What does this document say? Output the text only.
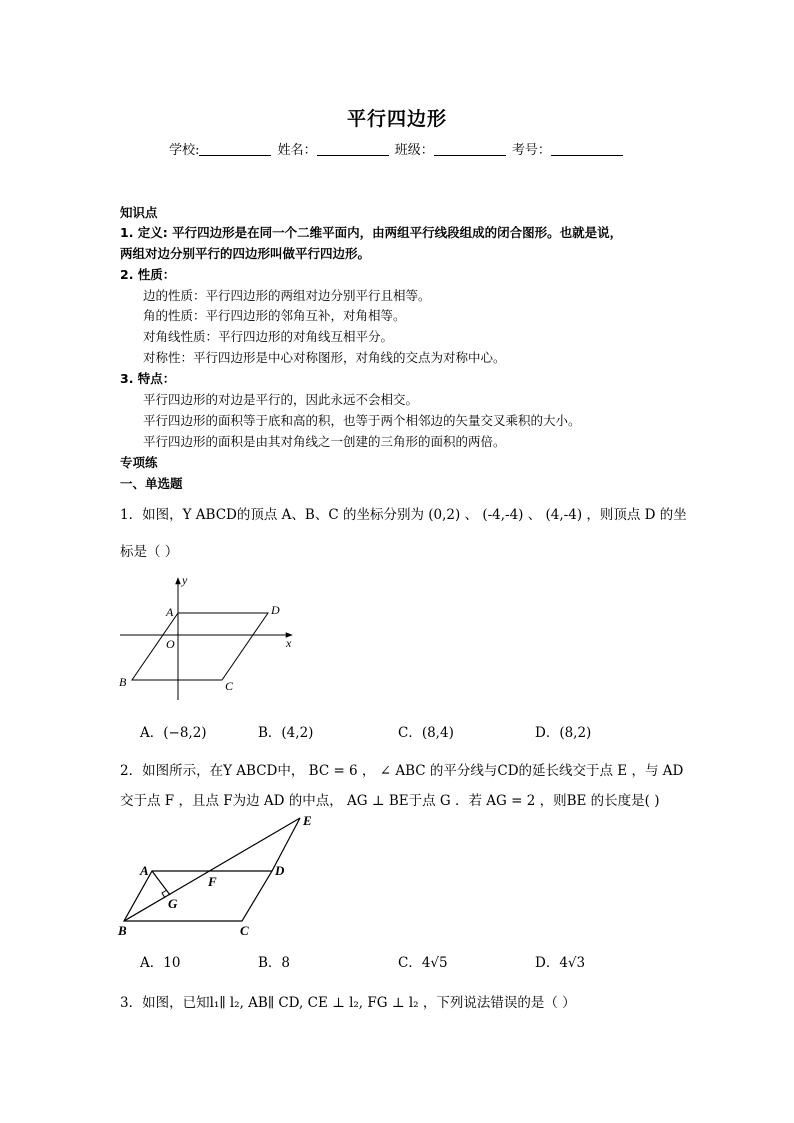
平行四边形
学校:	姓名：	班级：	考号：
知识点
1. 定义: 平行四边形是在同一个二维平面内，由两组平行线段组成的闭合图形。也就是说，
两组对边分别平行的四边形叫做平行四边形。
2. 性质：
边的性质：平行四边形的两组对边分别平行且相等。
角的性质：平行四边形的邻角互补，对角相等。
对角线性质：平行四边形的对角线互相平分。
对称性：平行四边形是中心对称图形，对角线的交点为对称中心。
3. 特点：
平行四边形的对边是平行的，因此永远不会相交。
平行四边形的面积等于底和高的积，也等于两个相邻边的矢量交叉乘积的大小。
平行四边形的面积是由其对角线之一创建的三角形的面积的两倍。
专项练
一、单选题
1．如图，Y ABCD的顶点 A、B、C 的坐标分别为 (0,2) 、 (-4,-4) 、 (4,-4) ，则顶点 D 的坐
标是（ ）
y
x
A	D
O
B	C
A．(−8,2)	B．(4,2)	C．(8,4)	D．(8,2)
2．如图所示，在Y ABCD中， BC = 6 ， ∠ ABC 的平分线与CD的延长线交于点 E ，与 AD
交于点 F ，且点 F为边 AD 的中点， AG ⊥ BE于点 G ．若 AG = 2 ，则BE 的长度是( )
E
A
F
D
G
B	C
A．10	B．8	C．4√5	D．4√3
3．如图，已知l₁∥ l₂, AB∥ CD, CE ⊥ l₂, FG ⊥ l₂ ，下列说法错误的是（ ）
